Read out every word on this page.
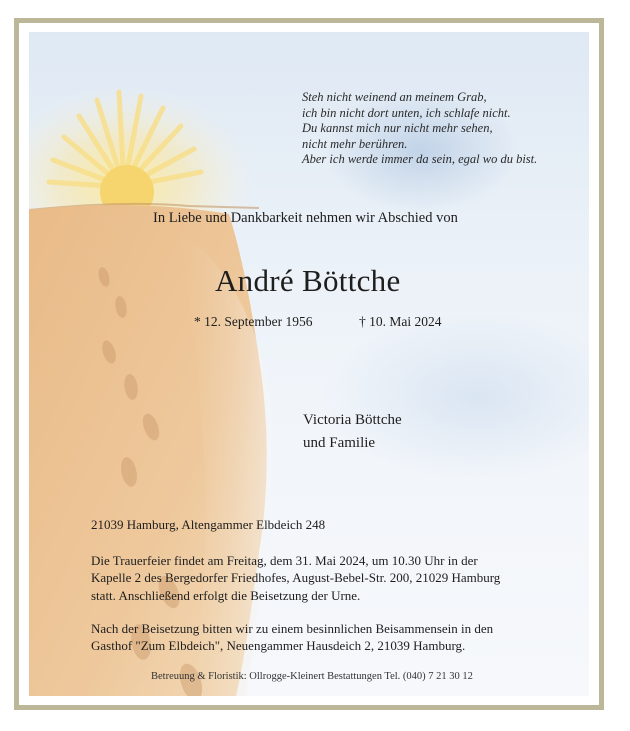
Steh nicht weinend an meinem Grab,
ich bin nicht dort unten, ich schlafe nicht.
Du kannst mich nur nicht mehr sehen,
nicht mehr berühren.
Aber ich werde immer da sein, egal wo du bist.
In Liebe und Dankbarkeit nehmen wir Abschied von
André Böttche
* 12. September 1956	† 10. Mai 2024
Victoria Böttche
und Familie
21039 Hamburg, Altengammer Elbdeich 248
Die Trauerfeier findet am Freitag, dem 31. Mai 2024, um 10.30 Uhr in der
Kapelle 2 des Bergedorfer Friedhofes, August-Bebel-Str. 200, 21029 Hamburg
statt. Anschließend erfolgt die Beisetzung der Urne.
Nach der Beisetzung bitten wir zu einem besinnlichen Beisammensein in den
Gasthof "Zum Elbdeich", Neuengammer Hausdeich 2, 21039 Hamburg.
Betreuung & Floristik: Ollrogge-Kleinert Bestattungen Tel. (040) 7 21 30 12
